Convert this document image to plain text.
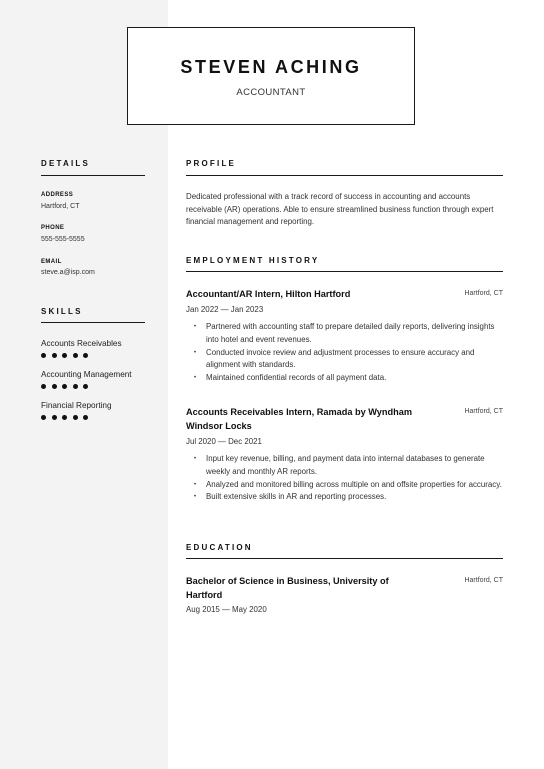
STEVEN ACHING
ACCOUNTANT
DETAILS
ADDRESS
Hartford, CT
PHONE
555-555-5555
EMAIL
steve.a@isp.com
SKILLS
Accounts Receivables
Accounting Management
Financial Reporting
PROFILE

Dedicated professional with a track record of success in accounting and accounts receivable (AR) operations. Able to ensure streamlined business function through expert financial management and reporting.

EMPLOYMENT HISTORY
Accountant/AR Intern, Hilton Hartford	Hartford, CT
Jan 2022 — Jan 2023
• Partnered with accounting staff to prepare detailed daily reports, delivering insights into hotel and event revenues.
• Conducted invoice review and adjustment processes to ensure accuracy and alignment with standards.
• Maintained confidential records of all payment data.
Accounts Receivables Intern, Ramada by Wyndham Windsor Locks
Hartford, CT
Jul 2020 — Dec 2021
• Input key revenue, billing, and payment data into internal databases to generate weekly and monthly AR reports.
• Analyzed and monitored billing across multiple on and offsite properties for accuracy.
• Built extensive skills in AR and reporting processes.
EDUCATION
Bachelor of Science in Business, University of Hartford
Hartford, CT
Aug 2015 — May 2020
